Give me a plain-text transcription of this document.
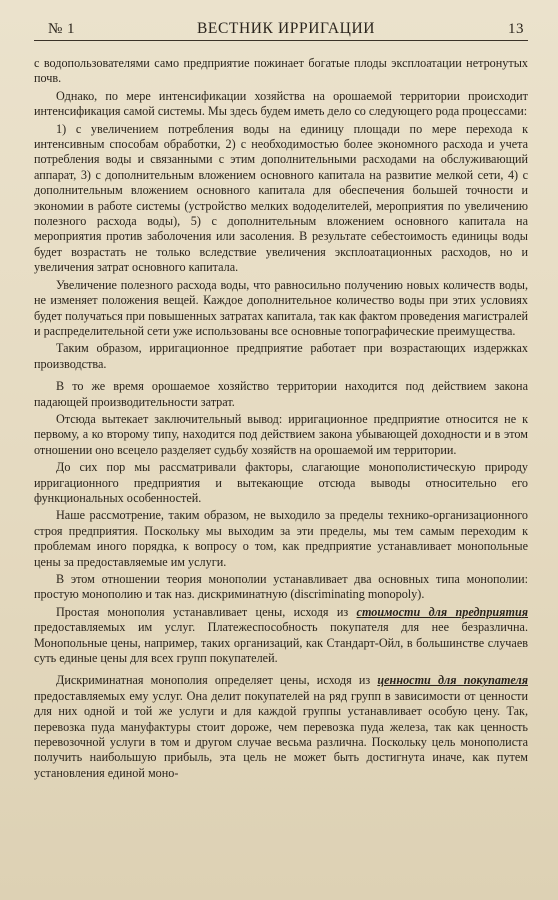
№ 1	ВЕСТНИК ИРРИГАЦИИ	13

с водопользователями само предприятие пожинает богатые плоды эксплоатации нетронутых почв.

Однако, по мере интенсификации хозяйства на орошаемой территории происходит интенсификация самой системы. Мы здесь будем иметь дело со следующего рода процессами:

1) с увеличением потребления воды на единицу площади по мере перехода к интенсивным способам обработки, 2) с необходимостью более экономного расхода и учета потребления воды и связанными с этим дополнительными расходами на обслуживающий аппарат, 3) с дополнительным вложением основного капитала на развитие мелкой сети, 4) с дополнительным вложением основного капитала для обеспечения большей точности и экономии в работе системы (устройство мелких вододелителей, мероприятия по увеличению полезного расхода воды), 5) с дополнительным вложением основного капитала на мероприятия против заболочения или засоления. В результате себестоимость единицы воды будет возрастать не только вследствие увеличения эксплоатационных расходов, но и увеличения затрат основного капитала.

Увеличение полезного расхода воды, что равносильно получению новых количеств воды, не изменяет положения вещей. Каждое дополнительное количество воды при этих условиях будет получаться при повышенных затратах капитала, так как фактом проведения магистралей и распределительной сети уже использованы все основные топографические преимущества.

Таким образом, ирригационное предприятие работает при возрастающих издержках производства.

В то же время орошаемое хозяйство территории находится под действием закона падающей производительности затрат.

Отсюда вытекает заключительный вывод: ирригационное предприятие относится не к первому, а ко второму типу, находится под действием закона убывающей доходности и в этом отношении оно всецело разделяет судьбу хозяйств на орошаемой им территории.

До сих пор мы рассматривали факторы, слагающие монополистическую природу ирригационного предприятия и вытекающие отсюда выводы относительно его функциональных особенностей.

Наше рассмотрение, таким образом, не выходило за пределы технико-организационного строя предприятия. Поскольку мы выходим за эти пределы, мы тем самым переходим к проблемам иного порядка, к вопросу о том, как предприятие устанавливает монопольные цены за предоставляемые им услуги.

В этом отношении теория монополии устанавливает два основных типа монополии: простую монополию и так наз. дискриминатную (discriminating monopoly).

Простая монополия устанавливает цены, исходя из стоимости для предприятия предоставляемых им услуг. Платежеспособность покупателя для нее безразлична. Монопольные цены, например, таких организаций, как Стандарт-Ойл, в большинстве случаев суть единые цены для всех групп покупателей.

Дискриминатная монополия определяет цены, исходя из ценности для покупателя предоставляемых ему услуг. Она делит покупателей на ряд групп в зависимости от ценности для них одной и той же услуги и для каждой группы устанавливает особую цену. Так, перевозка пуда мануфактуры стоит дороже, чем перевозка пуда железа, так как ценность перевозочной услуги в том и другом случае весьма различна. Поскольку цель монополиста получить наибольшую прибыль, эта цель не может быть достигнута иначе, как путем установления единой моно-
